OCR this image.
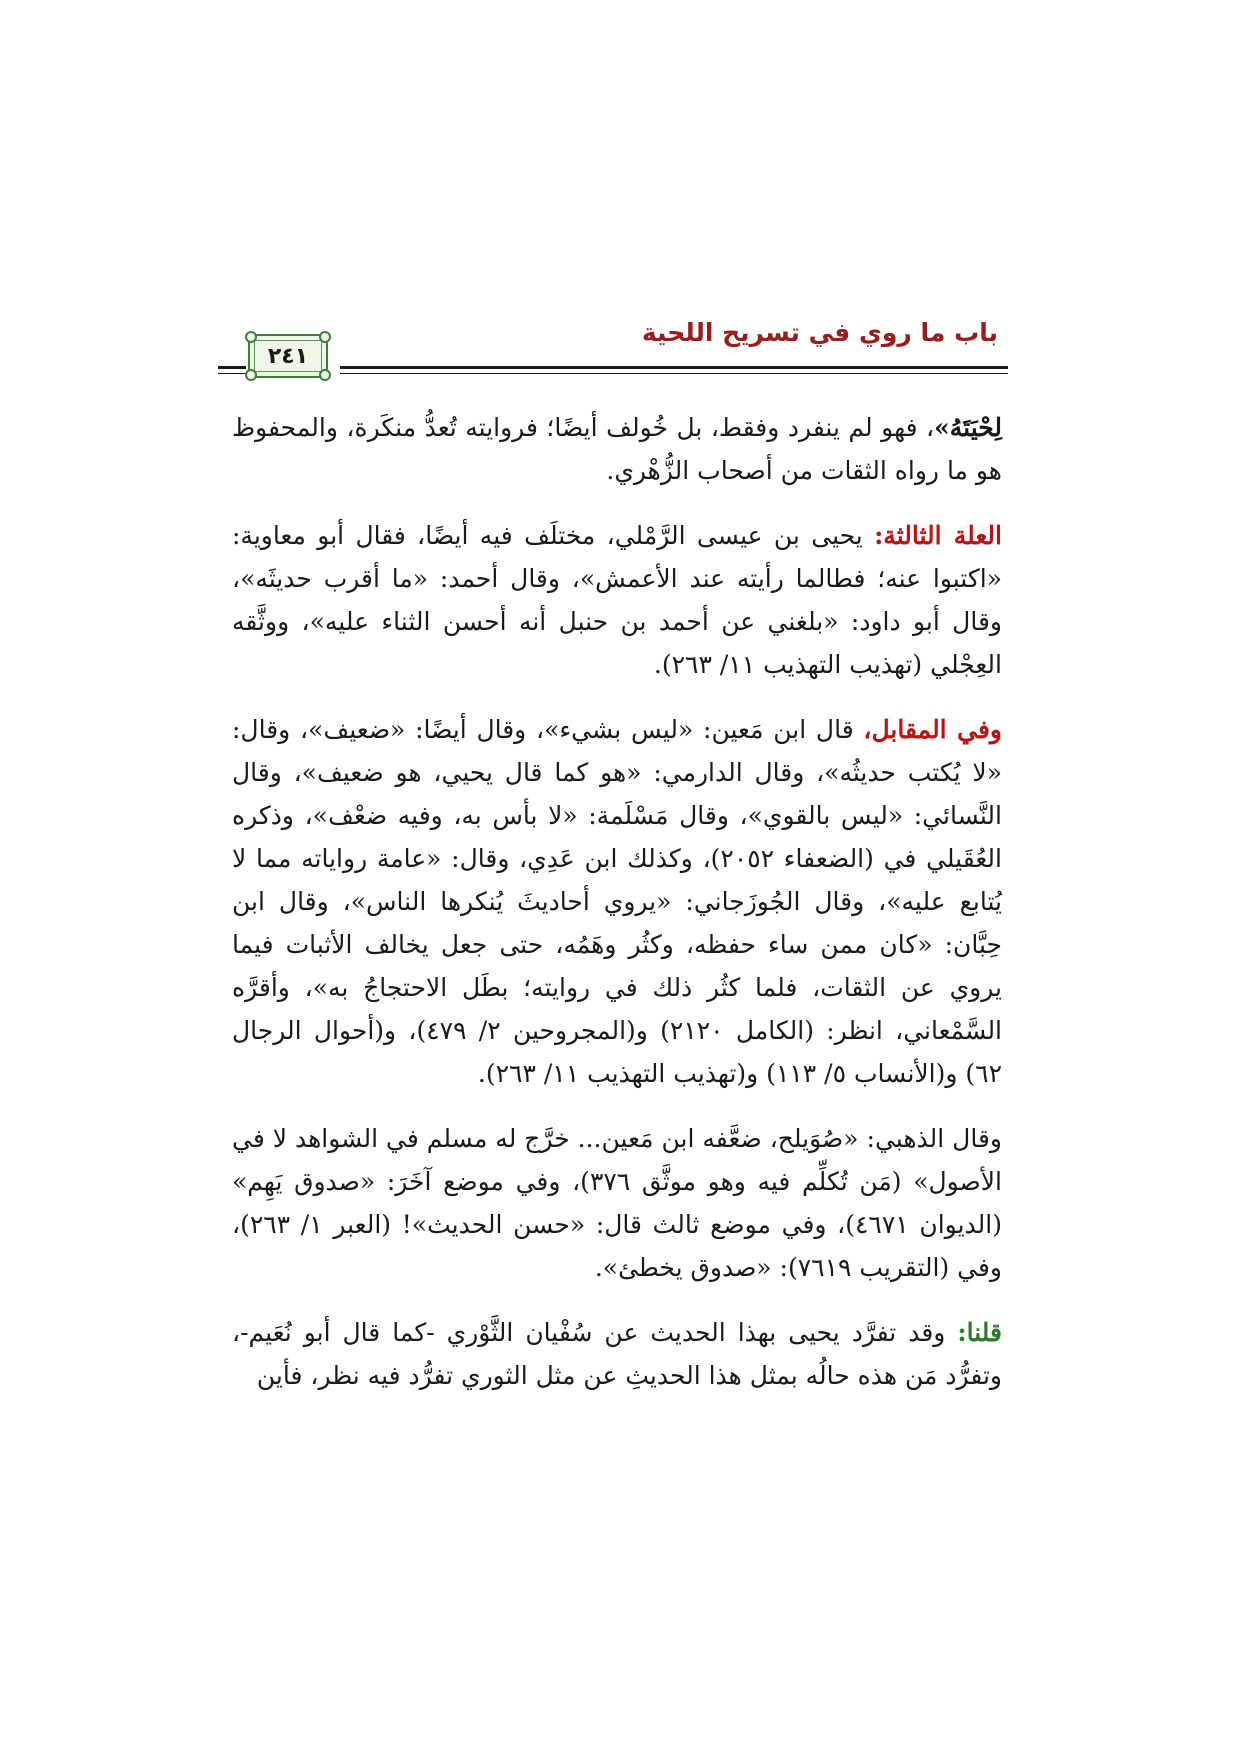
باب ما روي في تسريح اللحية
٢٤١

لِحْيَتَهُ»، فهو لم ينفرد وفقط، بل خُولف أيضًا؛ فروايته تُعدُّ منكَرة، والمحفوظ هو ما رواه الثقات من أصحاب الزُّهْري.

العلة الثالثة: يحيى بن عيسى الرَّمْلي، مختلَف فيه أيضًا، فقال أبو معاوية: «اكتبوا عنه؛ فطالما رأيته عند الأعمش»، وقال أحمد: «ما أقرب حديثَه»، وقال أبو داود: «بلغني عن أحمد بن حنبل أنه أحسن الثناء عليه»، ووثَّقه العِجْلي (تهذيب التهذيب ١١/ ٢٦٣).

وفي المقابل، قال ابن مَعين: «ليس بشيء»، وقال أيضًا: «ضعيف»، وقال: «لا يُكتب حديثُه»، وقال الدارمي: «هو كما قال يحيي، هو ضعيف»، وقال النَّسائي: «ليس بالقوي»، وقال مَسْلَمة: «لا بأس به، وفيه ضعْف»، وذكره العُقَيلي في (الضعفاء ٢٠٥٢)، وكذلك ابن عَدِي، وقال: «عامة رواياته مما لا يُتابع عليه»، وقال الجُوزَجاني: «يروي أحاديثَ يُنكرها الناس»، وقال ابن حِبَّان: «كان ممن ساء حفظه، وكثُر وهَمُه، حتى جعل يخالف الأثبات فيما يروي عن الثقات، فلما كثُر ذلك في روايته؛ بطَل الاحتجاجُ به»، وأقرَّه السَّمْعاني، انظر: (الكامل ٢١٢٠) و(المجروحين ٢/ ٤٧٩)، و(أحوال الرجال ٦٢) و(الأنساب ٥/ ١١٣) و(تهذيب التهذيب ١١/ ٢٦٣).

وقال الذهبي: «صُوَيلح، ضعَّفه ابن مَعين... خرَّج له مسلم في الشواهد لا في الأصول» (مَن تُكلِّم فيه وهو موثَّق ٣٧٦)، وفي موضع آخَرَ: «صدوق يَهِم» (الديوان ٤٦٧١)، وفي موضع ثالث قال: «حسن الحديث»! (العبر ١/ ٢٦٣)، وفي (التقريب ٧٦١٩): «صدوق يخطئ».

قلنا: وقد تفرَّد يحيى بهذا الحديث عن سُفْيان الثَّوْري -كما قال أبو نُعَيم-، وتفرُّد مَن هذه حالُه بمثل هذا الحديثِ عن مثل الثوري تفرُّد فيه نظر، فأين
